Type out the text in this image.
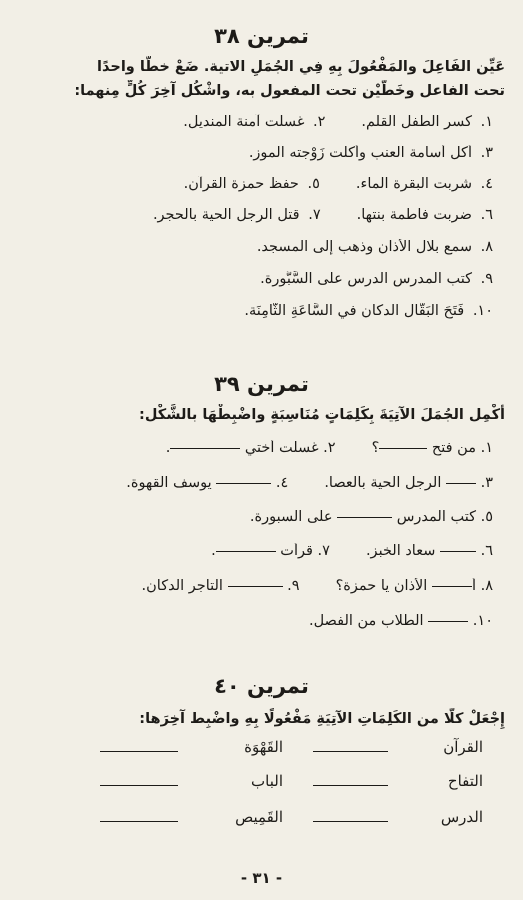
تمرين ٣٨
عَيِّن الفَاعِلَ والمَفْعُولَ بِهِ فِي الجُمَلِ الاتية. ضَعْ خطًّا واحدًا
تحت الفاعل وخَطَّيْن تحت المفعول به، واشْكُل آخِرَ كُلٍّ مِنهما:
١. كسر الطفل القلم.٢. غسلت آمنة المنديل.
٣. أكل أسامة العنب وأكلت زَوْجته الموز.
٤. شربت البقرة الماء.٥. حفظ حمزة القرآن.
٦. ضربت فاطمة بنتها.٧. قتل الرجل الحية بالحجر.
٨. سمع بلال الأذان وذهب إلى المسجد.
٩. كتب المدرس الدرس على السَّبُّورة.
١٠. فَتَحَ البَقَّال الدكان في السَّاعَةِ الثَّامِنَة.
تمرين ٣٩
أَكْمِل الجُمَلَ الآتِيَةَ بِكَلِمَاتٍ مُنَاسِبَةٍ واضْبِطْهَا بالشَّكْل:
١. من فتح ؟٢. غسلت أختي .
٣.  الرجل الحية بالعصا.٤.  يوسف القهوة.
٥. كتب المدرس  على السبورة.
٦.  سعاد الخبز.٧. قرأت .
٨. أ الأذان يا حمزة؟٩.  التاجر الدكان.
١٠.  الطلاب من الفصل.
تمرين ٤٠
إِجْعَلْ كلًّا من الكَلِمَاتِ الآتِيَةِ مَفْعُولًا بِهِ واضْبِط آخِرَها:
القرآن
القَهْوَة
التفاح
الباب
الدرس
القَمِيص
- ٣١ -
